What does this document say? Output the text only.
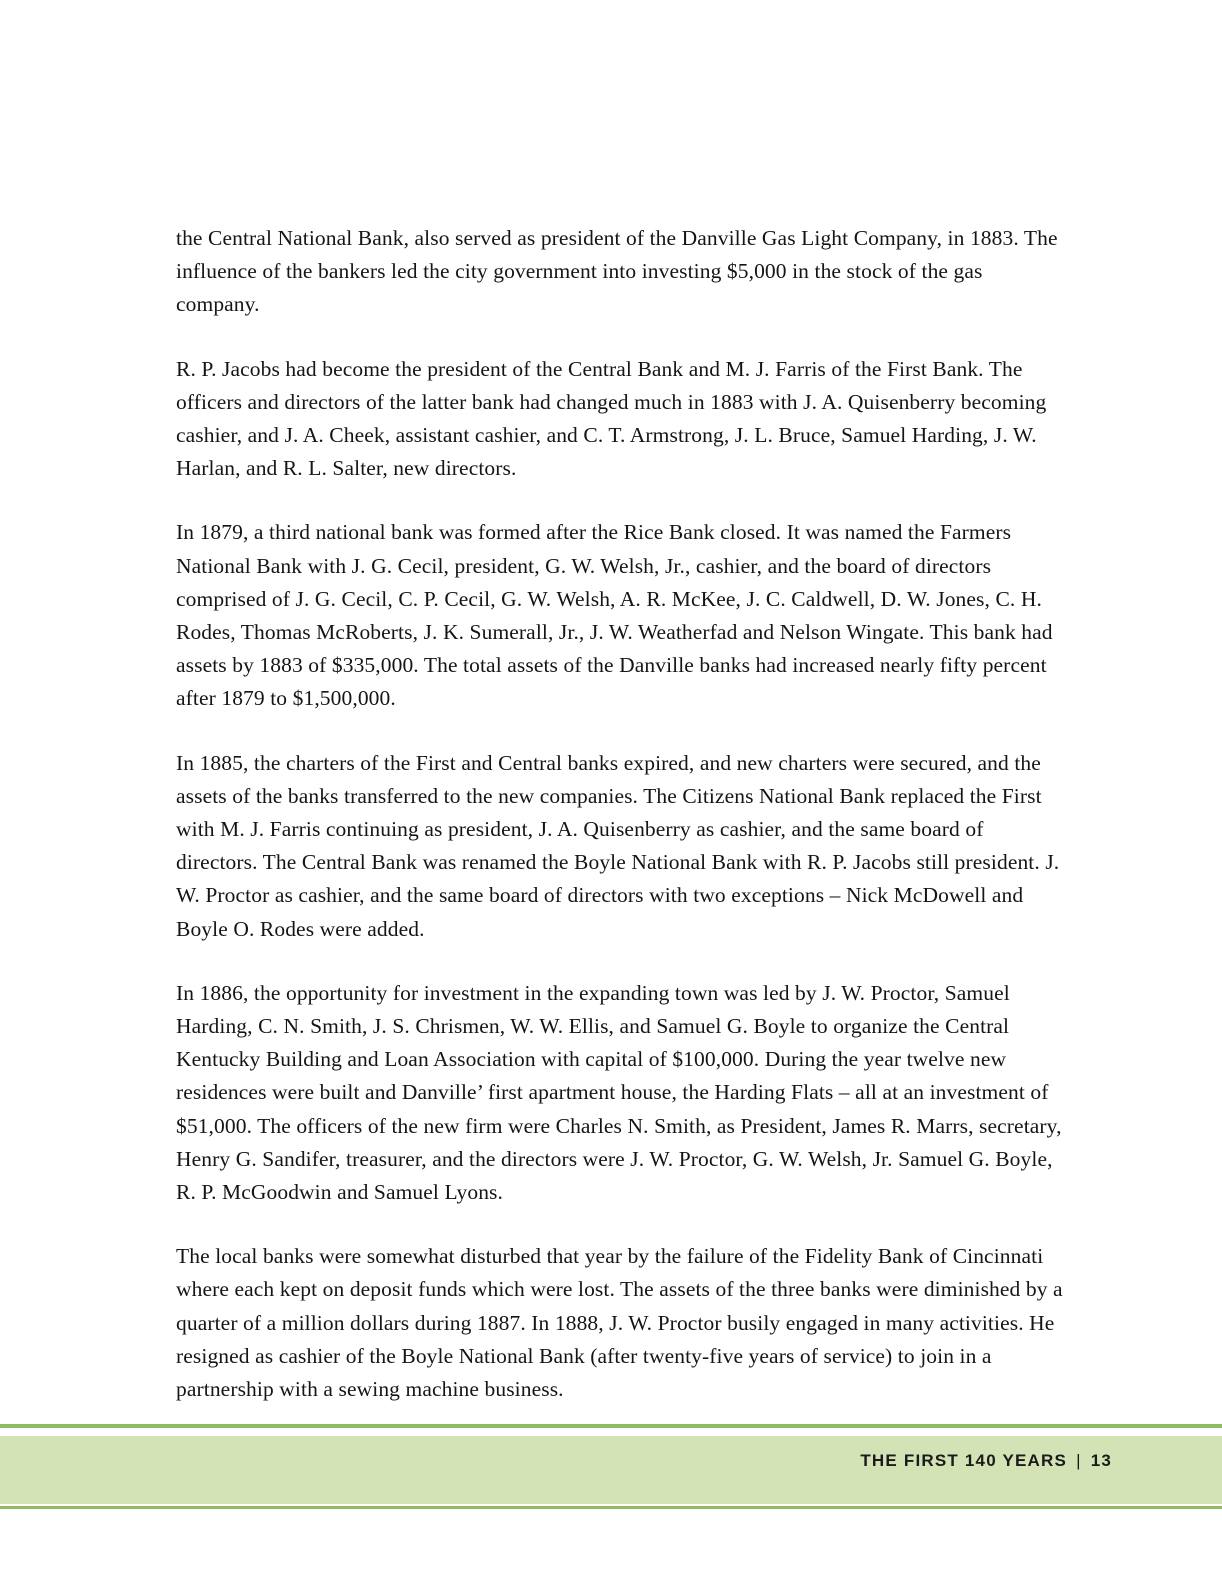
the Central National Bank, also served as president of the Danville Gas Light Company, in 1883. The influence of the bankers led the city government into investing $5,000 in the stock of the gas company.

R. P. Jacobs had become the president of the Central Bank and M. J. Farris of the First Bank. The officers and directors of the latter bank had changed much in 1883 with J. A. Quisenberry becoming cashier, and J. A. Cheek, assistant cashier, and C. T. Armstrong, J. L. Bruce, Samuel Harding, J. W. Harlan, and R. L. Salter, new directors.

In 1879, a third national bank was formed after the Rice Bank closed. It was named the Farmers National Bank with J. G. Cecil, president, G. W. Welsh, Jr., cashier, and the board of directors comprised of J. G. Cecil, C. P. Cecil, G. W. Welsh, A. R. McKee, J. C. Caldwell, D. W. Jones, C. H. Rodes, Thomas McRoberts, J. K. Sumerall, Jr., J. W. Weatherfad and Nelson Wingate. This bank had assets by 1883 of $335,000. The total assets of the Danville banks had increased nearly fifty percent after 1879 to $1,500,000.

In 1885, the charters of the First and Central banks expired, and new charters were secured, and the assets of the banks transferred to the new companies. The Citizens National Bank replaced the First with M. J. Farris continuing as president, J. A. Quisenberry as cashier, and the same board of directors. The Central Bank was renamed the Boyle National Bank with R. P. Jacobs still president. J. W. Proctor as cashier, and the same board of directors with two exceptions – Nick McDowell and Boyle O. Rodes were added.

In 1886, the opportunity for investment in the expanding town was led by J. W. Proctor, Samuel Harding, C. N. Smith, J. S. Chrismen, W. W. Ellis, and Samuel G. Boyle to organize the Central Kentucky Building and Loan Association with capital of $100,000. During the year twelve new residences were built and Danville’ first apartment house, the Harding Flats – all at an investment of $51,000. The officers of the new firm were Charles N. Smith, as President, James R. Marrs, secretary, Henry G. Sandifer, treasurer, and the directors were J. W. Proctor, G. W. Welsh, Jr. Samuel G. Boyle, R. P. McGoodwin and Samuel Lyons.

The local banks were somewhat disturbed that year by the failure of the Fidelity Bank of Cincinnati where each kept on deposit funds which were lost. The assets of the three banks were diminished by a quarter of a million dollars during 1887. In 1888, J. W. Proctor busily engaged in many activities. He resigned as cashier of the Boyle National Bank (after twenty-five years of service) to join in a partnership with a sewing machine business.

THE FIRST 140 YEARS | 13
